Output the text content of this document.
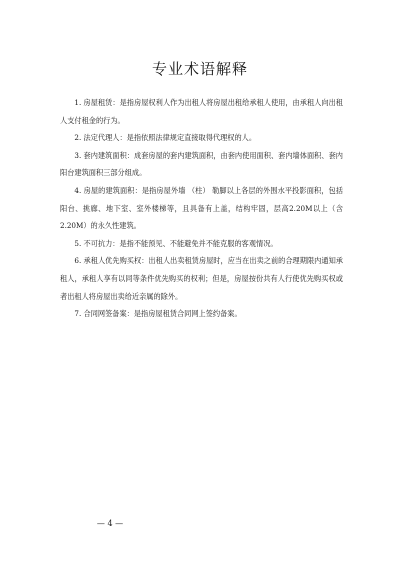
专业术语解释

1. 房屋租赁：是指房屋权利人作为出租人将房屋出租给承租人使用，由承租人向出租人支付租金的行为。

2. 法定代理人：是指依照法律规定直接取得代理权的人。

3. 套内建筑面积：成套房屋的套内建筑面积，由套内使用面积、套内墙体面积、套内阳台建筑面积三部分组成。

4. 房屋的建筑面积：是指房屋外墙 （柱） 勒脚以上各层的外围水平投影面积，包括阳台、挑廊、地下室、室外楼梯等，且具备有上盖，结构牢固，层高2.20M以上（含2.20M）的永久性建筑。

5. 不可抗力：是指不能预见、不能避免并不能克服的客观情况。

6. 承租人优先购买权：出租人出卖租赁房屋时，应当在出卖之前的合理期限内通知承租人，承租人享有以同等条件优先购买的权利；但是，房屋按份共有人行使优先购买权或者出租人将房屋出卖给近亲属的除外。

7. 合同网签备案：是指房屋租赁合同网上签约备案。

— 4 —
